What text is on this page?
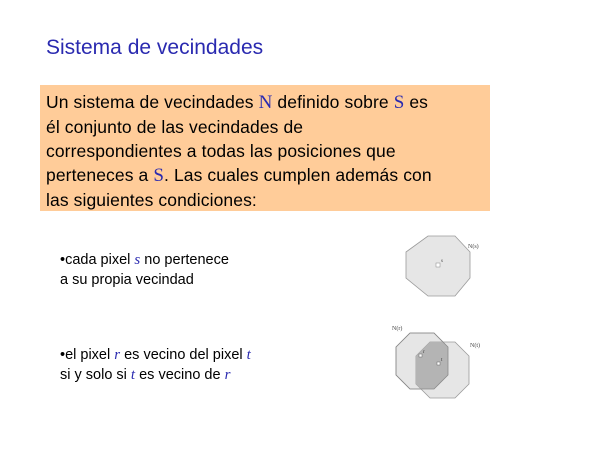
Sistema de vecindades
Un sistema de vecindades N definido sobre S es
él conjunto de las vecindades de
correspondientes a todas las posiciones que
perteneces a S. Las cuales cumplen además con
las siguientes condiciones:
•cada pixel s no pertenece
a su propia vecindad
•el pixel r es vecino del pixel t
si y solo si t es vecino de r
s
N(s)
r
t
N(r)
N(t)
